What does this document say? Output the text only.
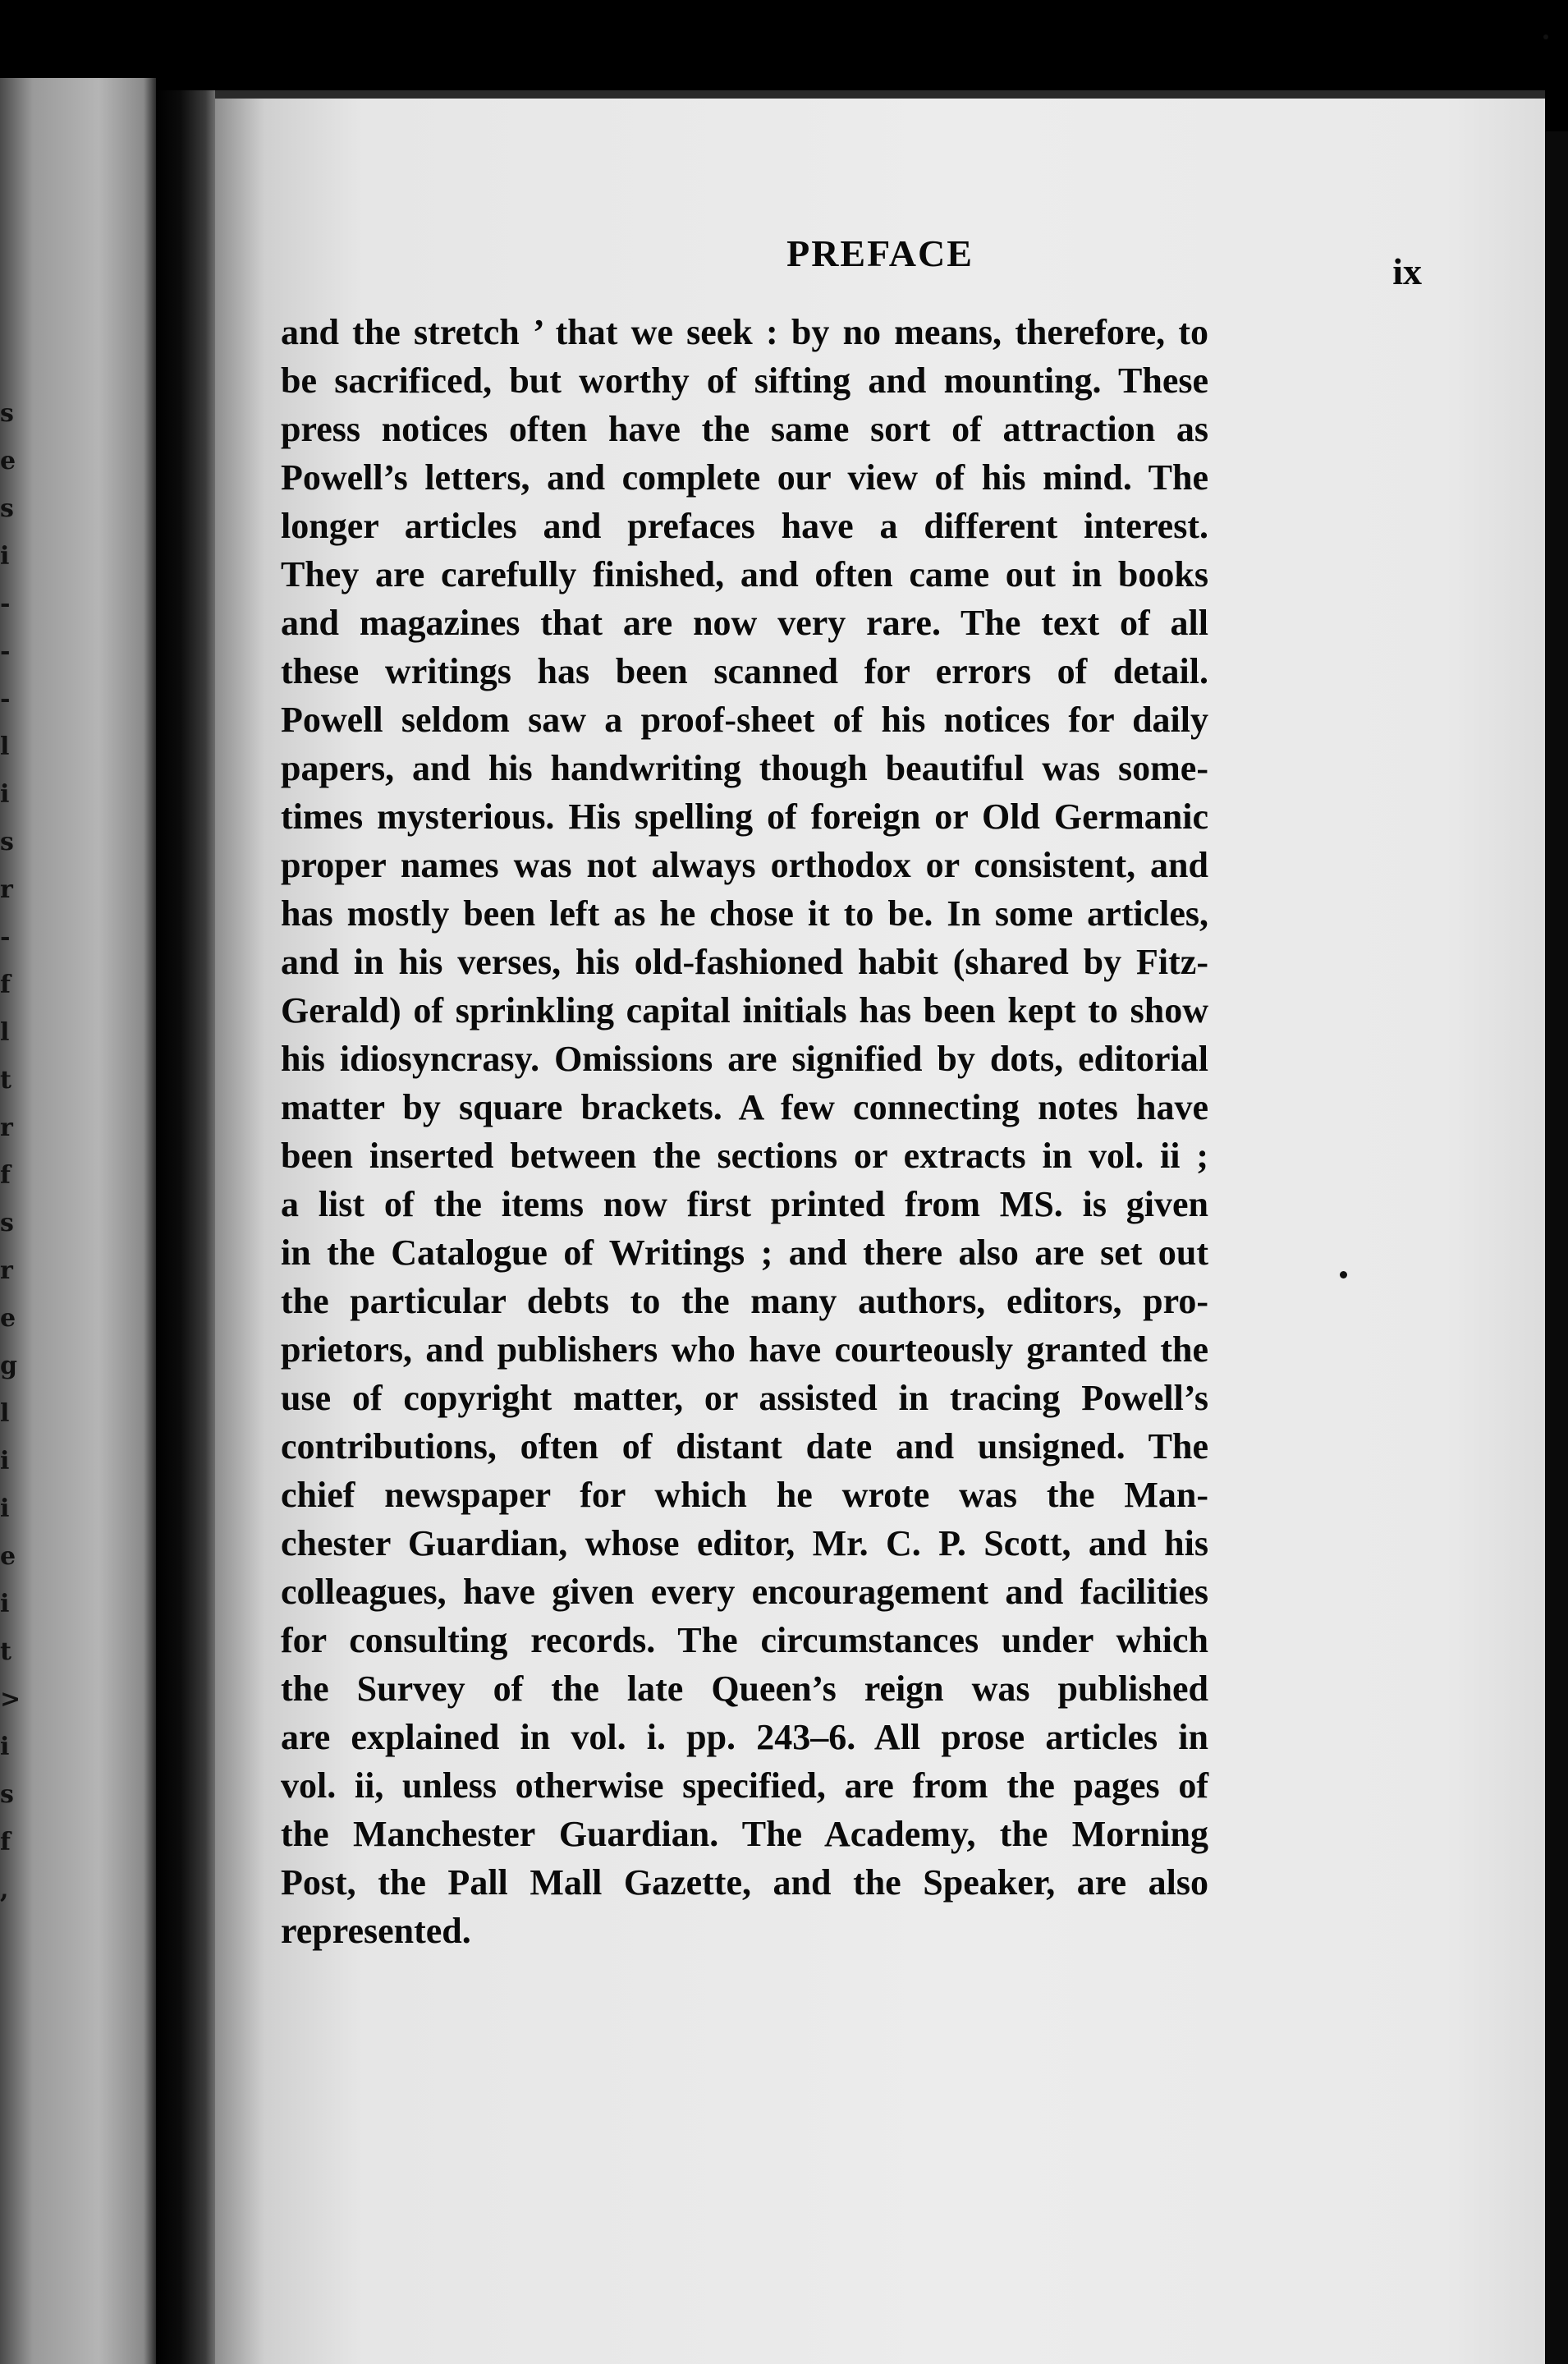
s
e
s
i
-
-
-
l
i
s
r
-
f
l
t
r
f
s
r
e
g
l
i
i
e
i
t
>
i
s
f
,
PREFACE	ix
and the stretch ’ that we seek : by no means, therefore, to
be sacrificed, but worthy of sifting and mounting. These
press notices often have the same sort of attraction as
Powell’s letters, and complete our view of his mind. The
longer articles and prefaces have a different interest.
They are carefully finished, and often came out in books
and magazines that are now very rare. The text of all
these writings has been scanned for errors of detail.
Powell seldom saw a proof-sheet of his notices for daily
papers, and his handwriting though beautiful was some-
times mysterious. His spelling of foreign or Old Germanic
proper names was not always orthodox or consistent, and
has mostly been left as he chose it to be. In some articles,
and in his verses, his old-fashioned habit (shared by Fitz-
Gerald) of sprinkling capital initials has been kept to show
his idiosyncrasy. Omissions are signified by dots, editorial
matter by square brackets. A few connecting notes have
been inserted between the sections or extracts in vol. ii ;
a list of the items now first printed from MS. is given
in the Catalogue of Writings ; and there also are set out
the particular debts to the many authors, editors, pro-
prietors, and publishers who have courteously granted the
use of copyright matter, or assisted in tracing Powell’s
contributions, often of distant date and unsigned. The
chief newspaper for which he wrote was the Man-
chester Guardian, whose editor, Mr. C. P. Scott, and his
colleagues, have given every encouragement and facilities
for consulting records. The circumstances under which
the Survey of the late Queen’s reign was published
are explained in vol. i. pp. 243–6. All prose articles in
vol. ii, unless otherwise specified, are from the pages of
the Manchester Guardian. The Academy, the Morning
Post, the Pall Mall Gazette, and the Speaker, are also
represented.
